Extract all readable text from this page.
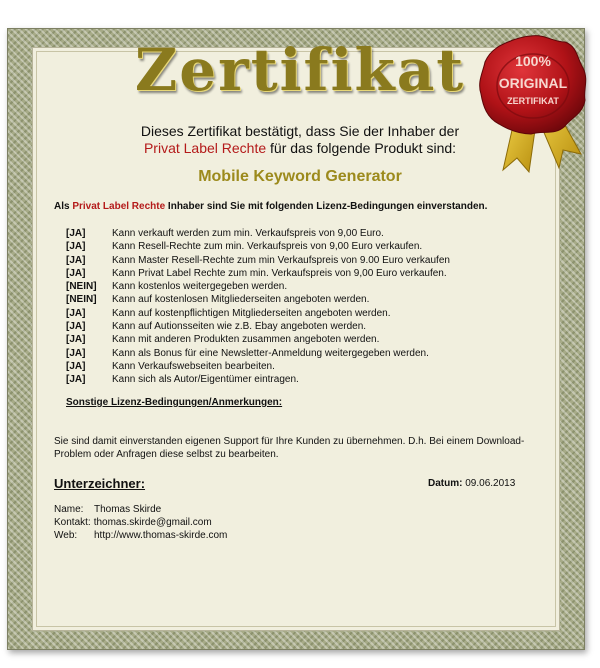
Zertifikat
Dieses Zertifikat bestätigt, dass Sie der Inhaber der
Privat Label Rechte für das folgende Produkt sind:
Mobile Keyword Generator
Als Privat Label Rechte Inhaber sind Sie mit folgenden Lizenz-Bedingungen einverstanden.
[JA]	Kann verkauft werden zum min. Verkaufspreis von 9,00 Euro.
[JA]	Kann Resell-Rechte zum min. Verkaufspreis von 9,00 Euro verkaufen.
[JA]	Kann Master Resell-Rechte zum min Verkaufspreis von 9.00 Euro verkaufen
[JA]	Kann Privat Label Rechte zum min. Verkaufspreis von 9,00 Euro verkaufen.
[NEIN]	Kann kostenlos weitergegeben werden.
[NEIN]	Kann auf kostenlosen Mitgliederseiten angeboten werden.
[JA]	Kann auf kostenpflichtigen Mitgliederseiten angeboten werden.
[JA]	Kann auf Autionsseiten wie z.B. Ebay angeboten werden.
[JA]	Kann mit anderen Produkten zusammen angeboten werden.
[JA]	Kann als Bonus für eine Newsletter-Anmeldung weitergegeben werden.
[JA]	Kann Verkaufswebseiten bearbeiten.
[JA]	Kann sich als Autor/Eigentümer eintragen.
Sonstige Lizenz-Bedingungen/Anmerkungen:
Sie sind damit einverstanden eigenen Support für Ihre Kunden zu übernehmen. D.h. Bei einem Download-Problem oder Anfragen diese selbst zu bearbeiten.
Unterzeichner:	Datum: 09.06.2013
Name:	Thomas Skirde
Kontakt: thomas.skirde@gmail.com
Web:	http://www.thomas-skirde.com
100%
ORIGINAL
ZERTIFIKAT
